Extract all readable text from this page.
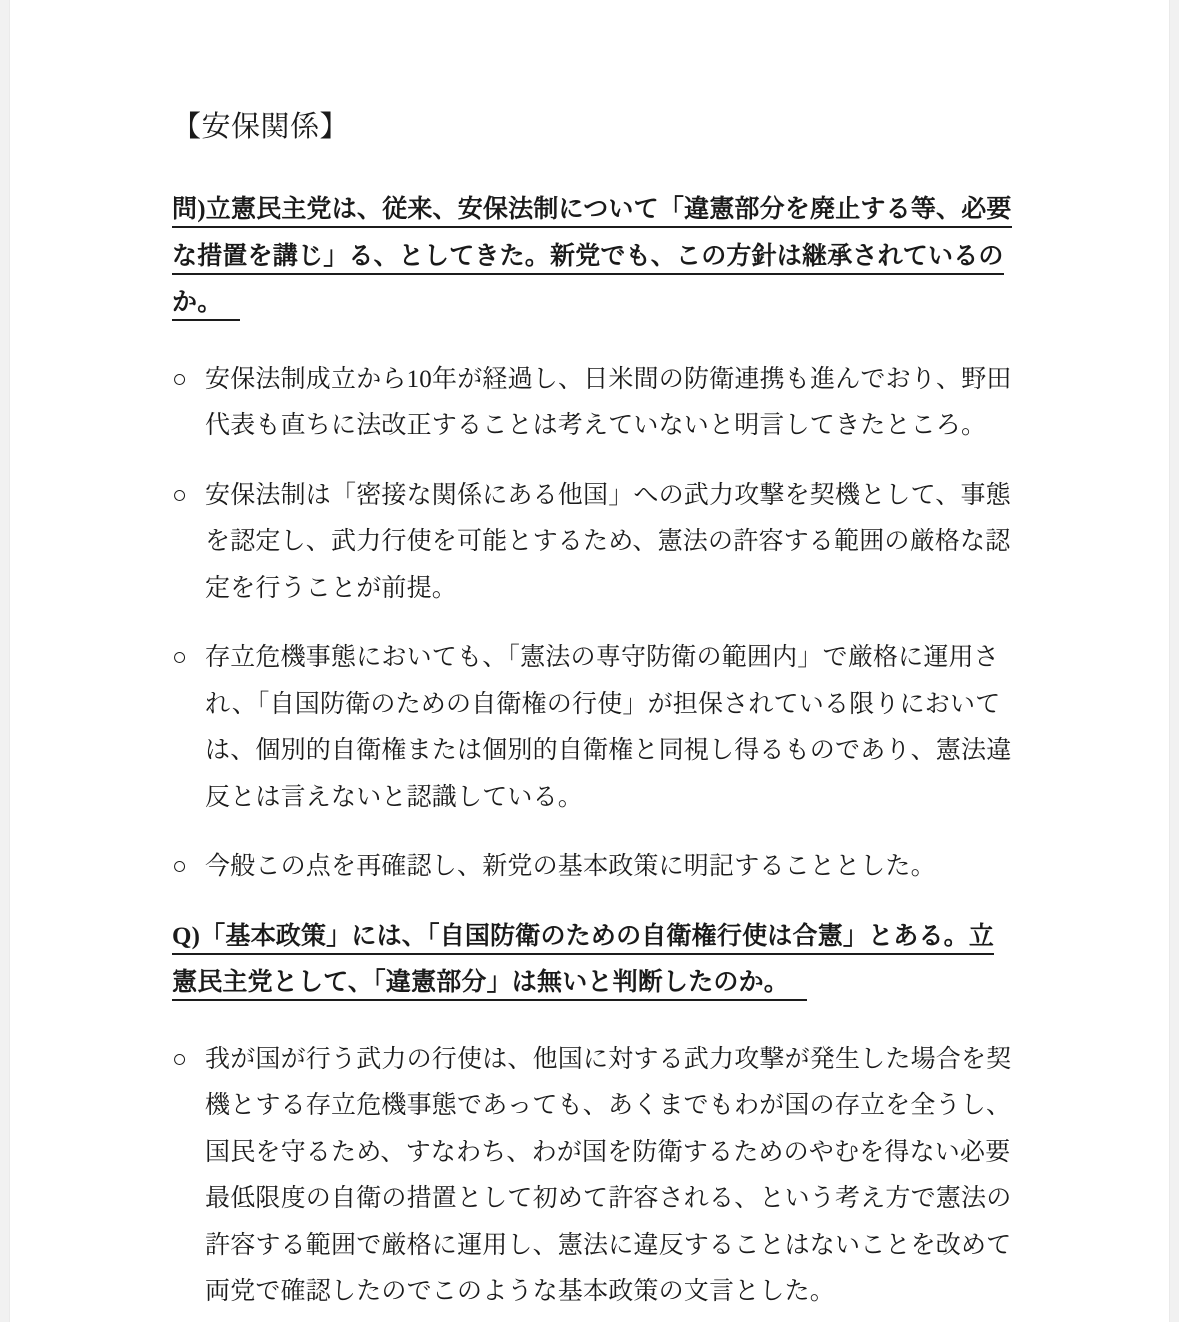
【安保関係】

問)立憲民主党は、従来、安保法制について「違憲部分を廃止する等、必要な措置を講じ」る、としてきた。新党でも、この方針は継承されているのか。

○ 安保法制成立から10年が経過し、日米間の防衛連携も進んでおり、野田代表も直ちに法改正することは考えていないと明言してきたところ。

○ 安保法制は「密接な関係にある他国」への武力攻撃を契機として、事態を認定し、武力行使を可能とするため、憲法の許容する範囲の厳格な認定を行うことが前提。

○ 存立危機事態においても、「憲法の専守防衛の範囲内」で厳格に運用され、「自国防衛のための自衛権の行使」が担保されている限りにおいては、個別的自衛権または個別的自衛権と同視し得るものであり、憲法違反とは言えないと認識している。

○ 今般この点を再確認し、新党の基本政策に明記することとした。

Q)「基本政策」には、「自国防衛のための自衛権行使は合憲」とある。立憲民主党として、「違憲部分」は無いと判断したのか。

○ 我が国が行う武力の行使は、他国に対する武力攻撃が発生した場合を契機とする存立危機事態であっても、あくまでもわが国の存立を全うし、国民を守るため、すなわち、わが国を防衛するためのやむを得ない必要最低限度の自衛の措置として初めて許容される、という考え方で憲法の許容する範囲で厳格に運用し、憲法に違反することはないことを改めて両党で確認したのでこのような基本政策の文言とした。
